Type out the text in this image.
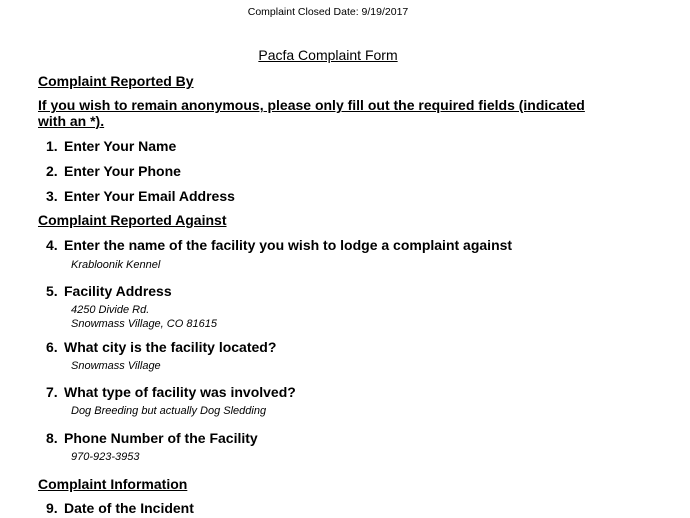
Complaint Closed Date: 9/19/2017
Pacfa Complaint Form
Complaint Reported By
If you wish to remain anonymous, please only fill out the required fields (indicated
with an *).
1. Enter Your Name
2. Enter Your Phone
3. Enter Your Email Address
Complaint Reported Against
4. Enter the name of the facility you wish to lodge a complaint against
Krabloonik Kennel
5. Facility Address
4250 Divide Rd.
Snowmass Village, CO 81615
6. What city is the facility located?
Snowmass Village
7. What type of facility was involved?
Dog Breeding but actually Dog Sledding
8. Phone Number of the Facility
970-923-3953
Complaint Information
9. Date of the Incident
